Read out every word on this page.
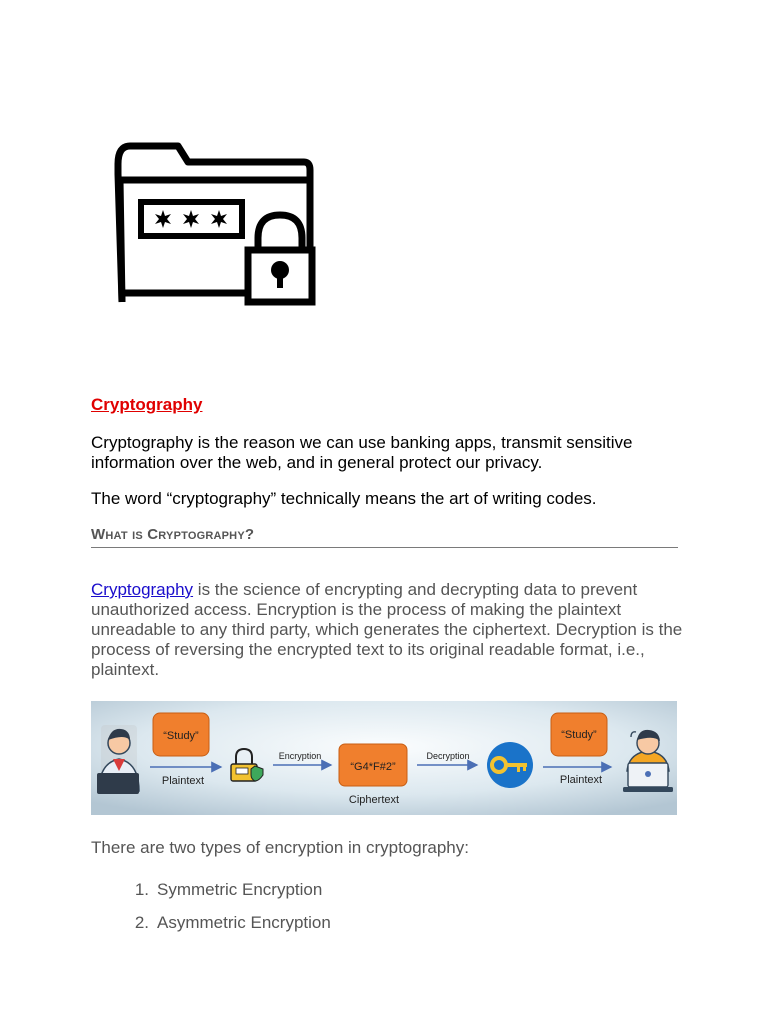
Cryptography
Cryptography is the reason we can use banking apps, transmit sensitive information over the web, and in general protect our privacy.
The word “cryptography” technically means the art of writing codes.
What is Cryptography?
Cryptography is the science of encrypting and decrypting data to prevent unauthorized access. Encryption is the process of making the plaintext unreadable to any third party, which generates the ciphertext. Decryption is the process of reversing the encrypted text to its original readable format, i.e., plaintext.
“Study”
Plaintext
Encryption
“G4*F#2”
Ciphertext
Decryption
“Study”
Plaintext
There are two types of encryption in cryptography:
1. Symmetric Encryption
2. Asymmetric Encryption
